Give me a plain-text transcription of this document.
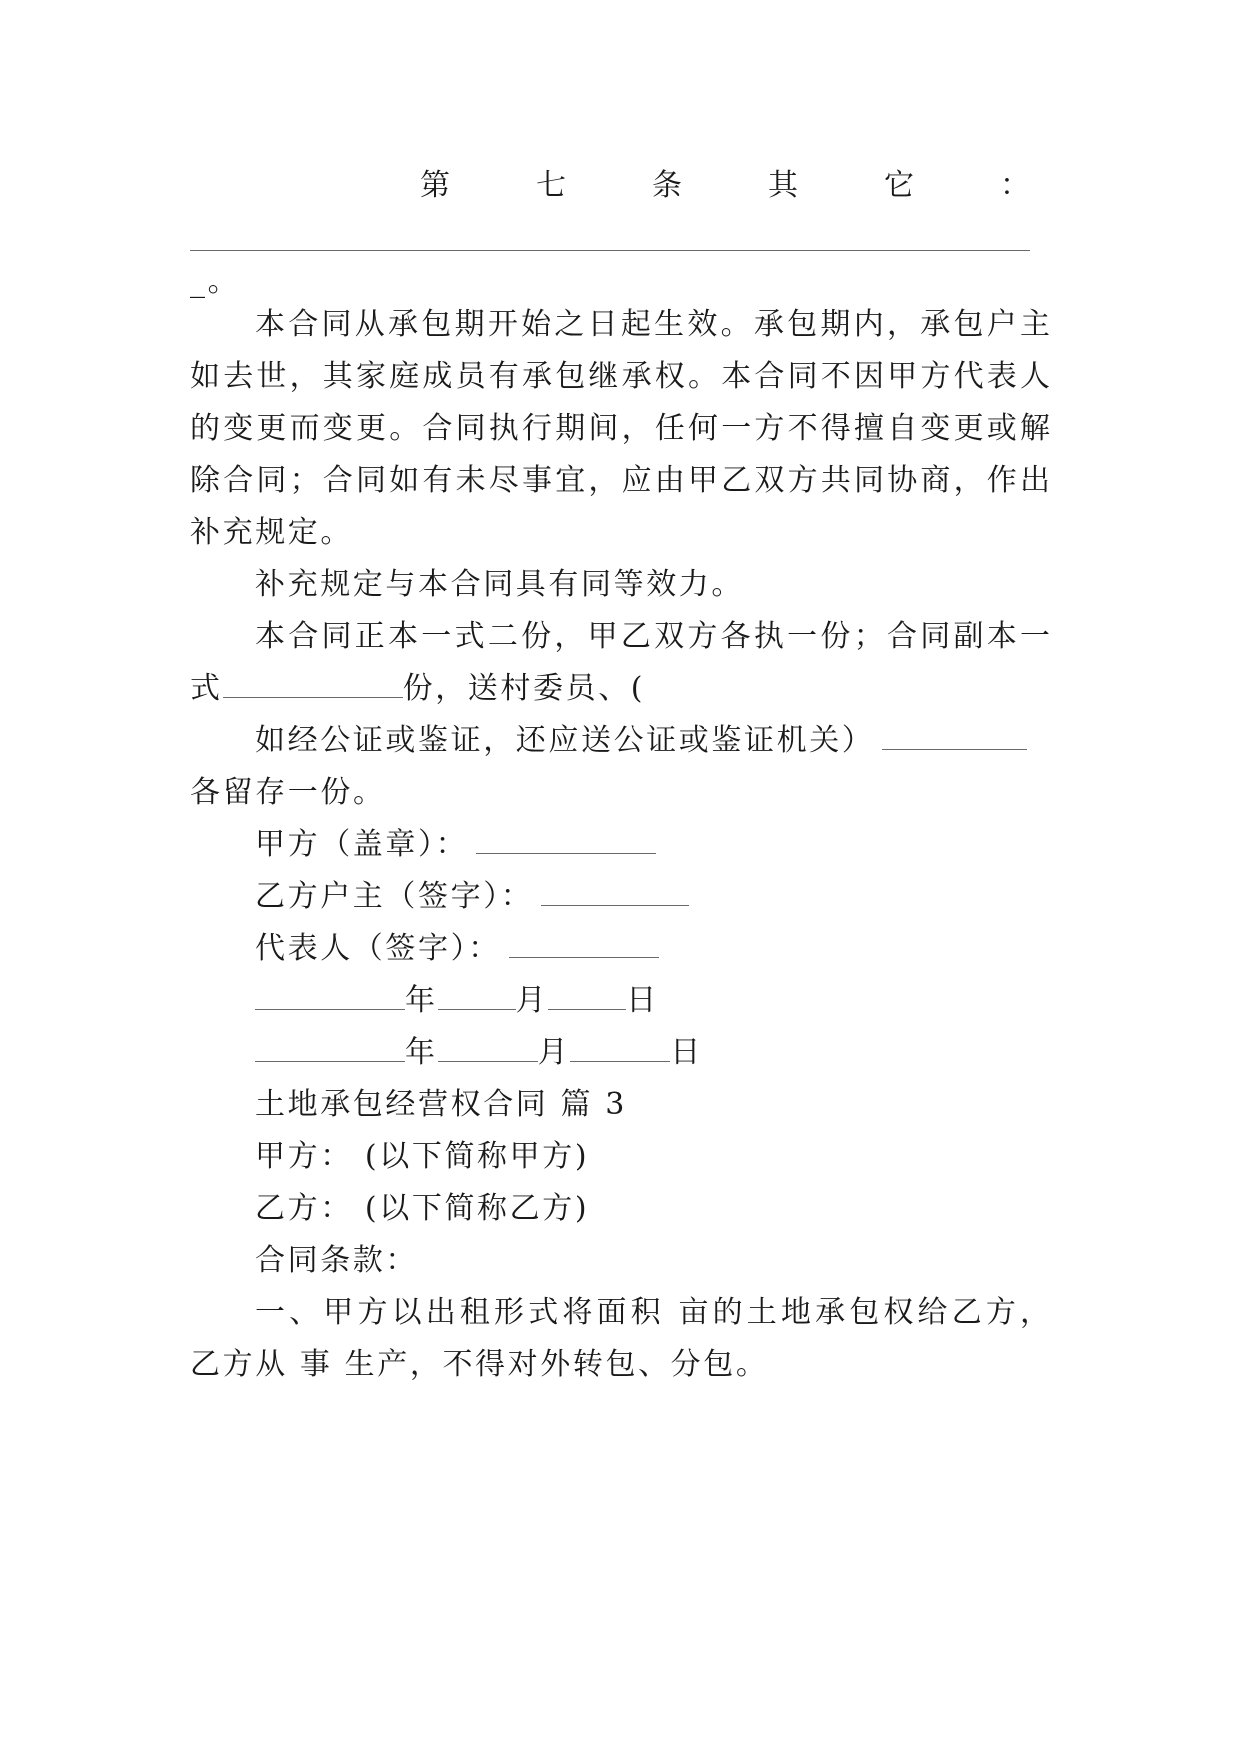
第 七 条 其 它 ：
_。
本合同从承包期开始之日起生效。承包期内，承包户主
如去世，其家庭成员有承包继承权。本合同不因甲方代表人
的变更而变更。合同执行期间，任何一方不得擅自变更或解
除合同；合同如有未尽事宜，应由甲乙双方共同协商，作出
补充规定。
补充规定与本合同具有同等效力。
本合同正本一式二份，甲乙双方各执一份；合同副本一
式	份，送村委员、(
如经公证或鉴证，还应送公证或鉴证机关）
各留存一份。
甲方（盖章）：
乙方户主（签字）：
代表人（签字）：
年	月	日
年	月	日
土地承包经营权合同 篇 3
甲方： (以下简称甲方)
乙方： (以下简称乙方)
合同条款：
一、甲方以出租形式将面积 亩的土地承包权给乙方，
乙方从 事 生产，不得对外转包、分包。
